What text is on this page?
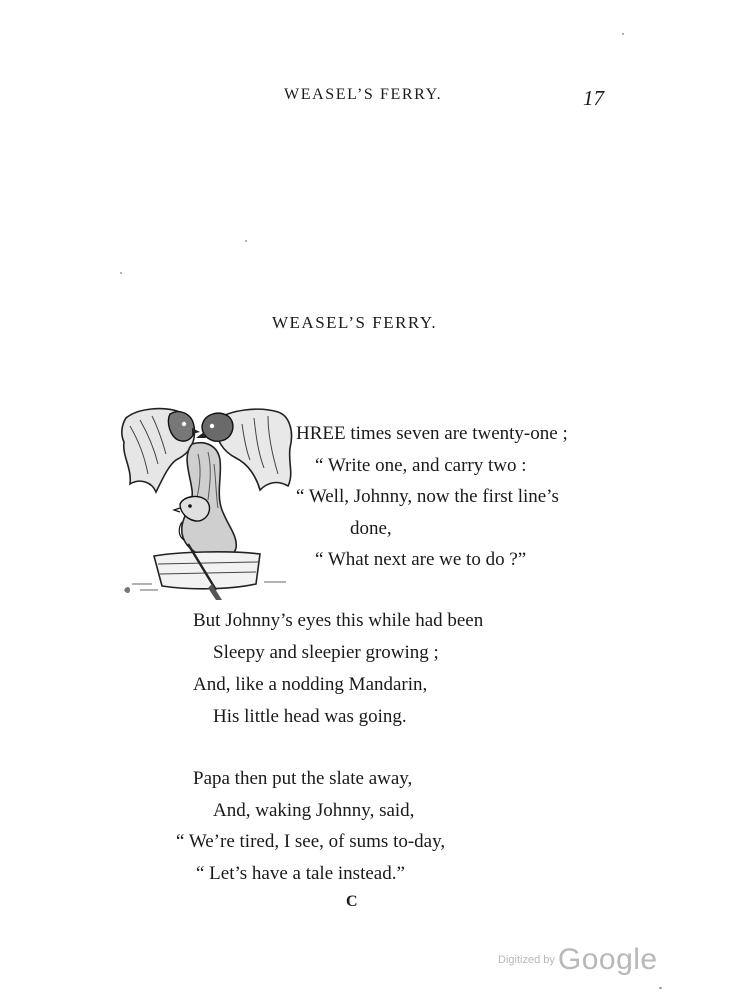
WEASEL’S FERRY.	17
WEASEL’S FERRY.
HREE times seven are twenty-one ;
“ Write one, and carry two :
“ Well, Johnny, now the first line’s
done,
“ What next are we to do ?”
But Johnny’s eyes this while had been
Sleepy and sleepier growing ;
And, like a nodding Mandarin,
His little head was going.
Papa then put the slate away,
And, waking Johnny, said,
“ We’re tired, I see, of sums to-day,
“ Let’s have a tale instead.”
C
$^{Digitized by}$ Google
